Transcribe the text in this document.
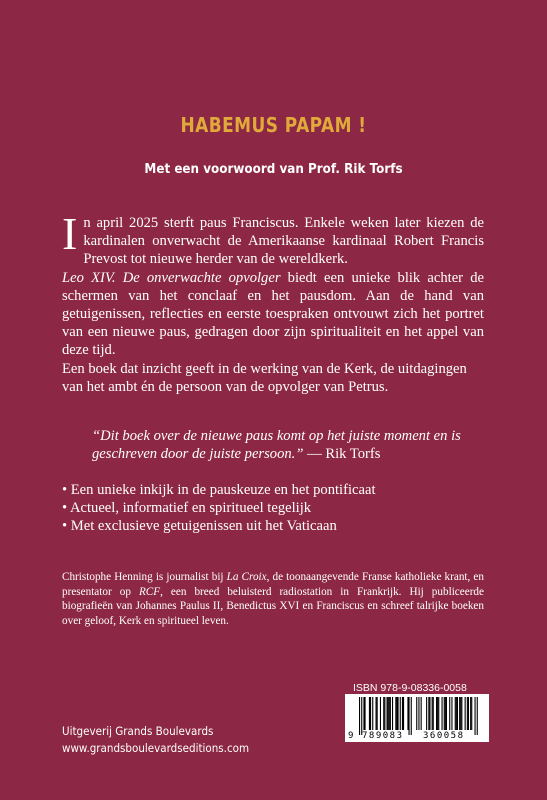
HABEMUS PAPAM !
Met een voorwoord van Prof. Rik Torfs

In april 2025 sterft paus Franciscus. Enkele weken later kiezen de kardinalen onverwacht de Amerikaanse kardinaal Robert Francis Prevost tot nieuwe herder van de wereldkerk.

Leo XIV. De onverwachte opvolger biedt een unieke blik achter de schermen van het conclaaf en het pausdom. Aan de hand van getuigenissen, reflecties en eerste toespraken ontvouwt zich het portret van een nieuwe paus, gedragen door zijn spiritualiteit en het appel van deze tijd.

Een boek dat inzicht geeft in de werking van de Kerk, de uitdagingen van het ambt én de persoon van de opvolger van Petrus.

“Dit boek over de nieuwe paus komt op het juiste moment en is geschreven door de juiste persoon.” — Rik Torfs
• Een unieke inkijk in de pauskeuze en het pontificaat
• Actueel, informatief en spiritueel tegelijk
• Met exclusieve getuigenissen uit het Vaticaan
Christophe Henning is journalist bij La Croix, de toonaangevende Franse katholieke krant, en presentator op RCF, een breed beluisterd radiostation in Frankrijk. Hij publiceerde biografieën van Johannes Paulus II, Benedictus XVI en Franciscus en schreef talrijke boeken over geloof, Kerk en spiritueel leven.
ISBN 978-9-08336-0058
9 789083 360058
Uitgeverij Grands Boulevards
www.grandsboulevardseditions.com
